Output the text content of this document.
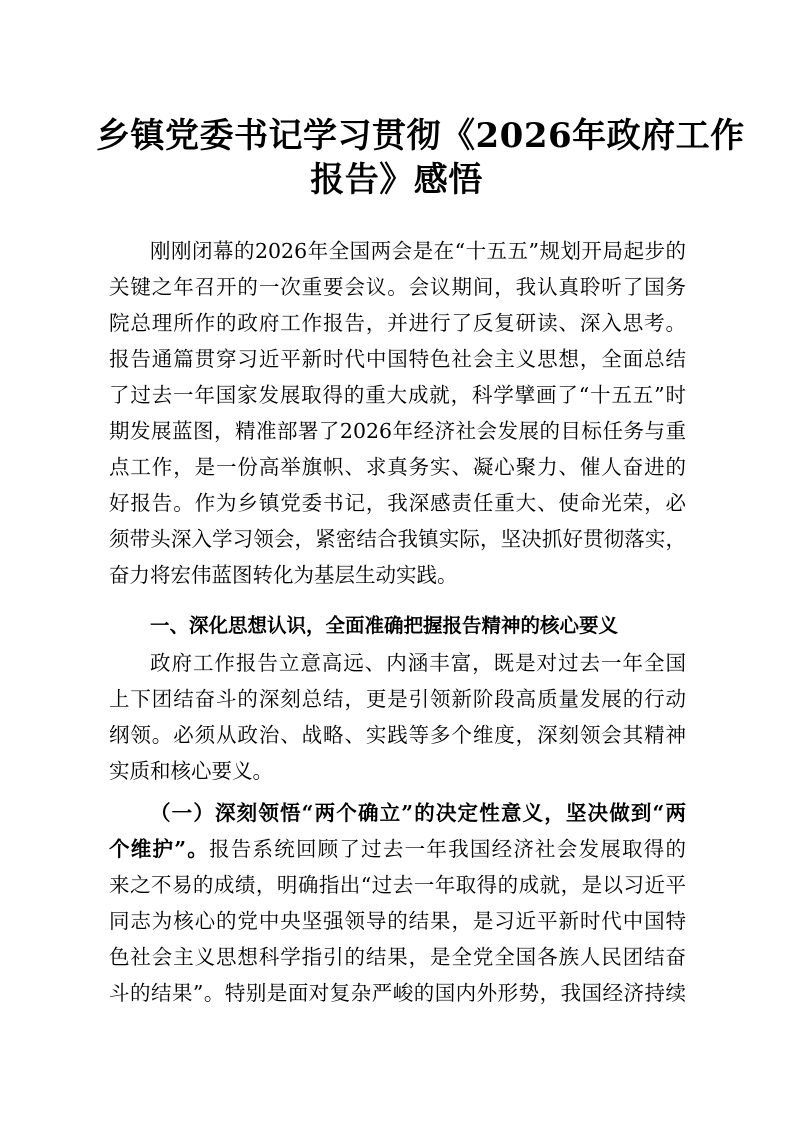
乡镇党委书记学习贯彻《2026年政府工作
报告》感悟
刚刚闭幕的2026年全国两会是在“十五五”规划开局起步的
关键之年召开的一次重要会议。会议期间，我认真聆听了国务
院总理所作的政府工作报告，并进行了反复研读、深入思考。
报告通篇贯穿习近平新时代中国特色社会主义思想，全面总结
了过去一年国家发展取得的重大成就，科学擘画了“十五五”时
期发展蓝图，精准部署了2026年经济社会发展的目标任务与重
点工作，是一份高举旗帜、求真务实、凝心聚力、催人奋进的
好报告。作为乡镇党委书记，我深感责任重大、使命光荣，必
须带头深入学习领会，紧密结合我镇实际，坚决抓好贯彻落实，
奋力将宏伟蓝图转化为基层生动实践。
一、深化思想认识，全面准确把握报告精神的核心要义
政府工作报告立意高远、内涵丰富，既是对过去一年全国
上下团结奋斗的深刻总结，更是引领新阶段高质量发展的行动
纲领。必须从政治、战略、实践等多个维度，深刻领会其精神
实质和核心要义。
（一）深刻领悟“两个确立”的决定性意义，坚决做到“两
个维护”。报告系统回顾了过去一年我国经济社会发展取得的
来之不易的成绩，明确指出“过去一年取得的成就，是以习近平
同志为核心的党中央坚强领导的结果，是习近平新时代中国特
色社会主义思想科学指引的结果，是全党全国各族人民团结奋
斗的结果”。特别是面对复杂严峻的国内外形势，我国经济持续
